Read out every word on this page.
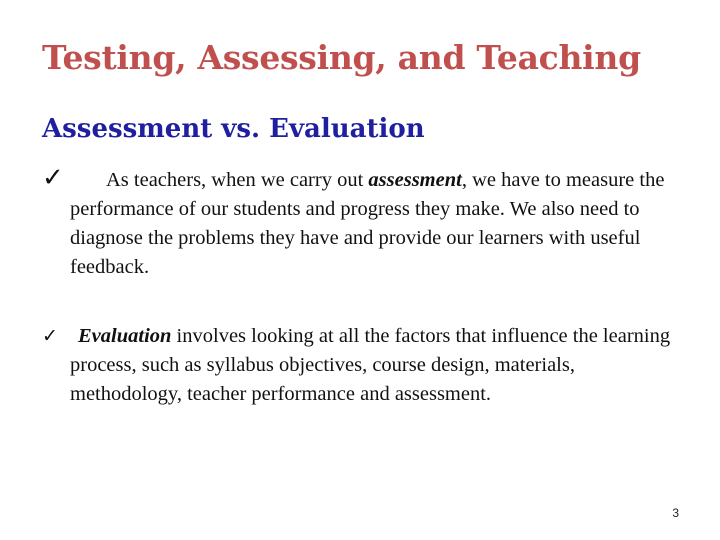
Testing, Assessing, and Teaching
Assessment vs. Evaluation
✓	As teachers, when we carry out assessment, we have to measure the performance of our students and progress they make. We also need to diagnose the problems they have and provide our learners with useful feedback.
✓ Evaluation involves looking at all the factors that influence the learning process, such as syllabus objectives, course design, materials, methodology, teacher performance and assessment.
3
